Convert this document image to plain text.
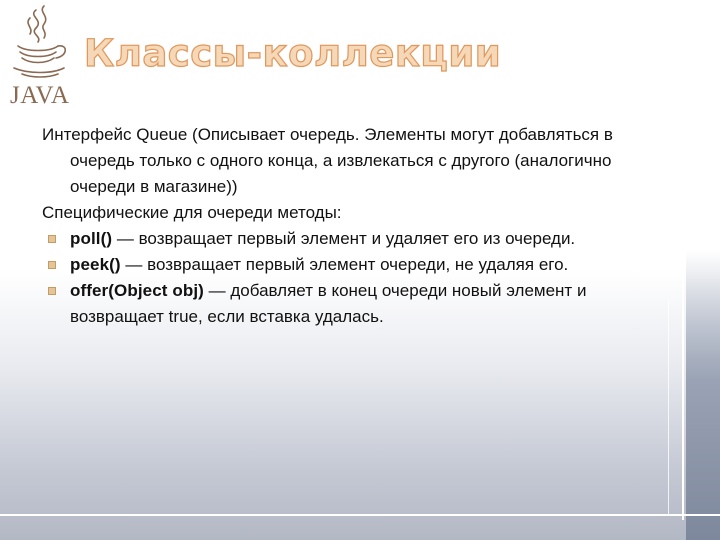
JAVA
Классы-коллекции

Интерфейс Queue (Описывает очередь. Элементы могут добавляться в очередь только с одного конца, а извлекаться с другого (аналогично очереди в магазине))

Специфические для очереди методы:

poll() — возвращает первый элемент и удаляет его из очереди.
peek() — возвращает первый элемент очереди, не удаляя его.
offer(Object obj) — добавляет в конец очереди новый элемент и возвращает true, если вставка удалась.
